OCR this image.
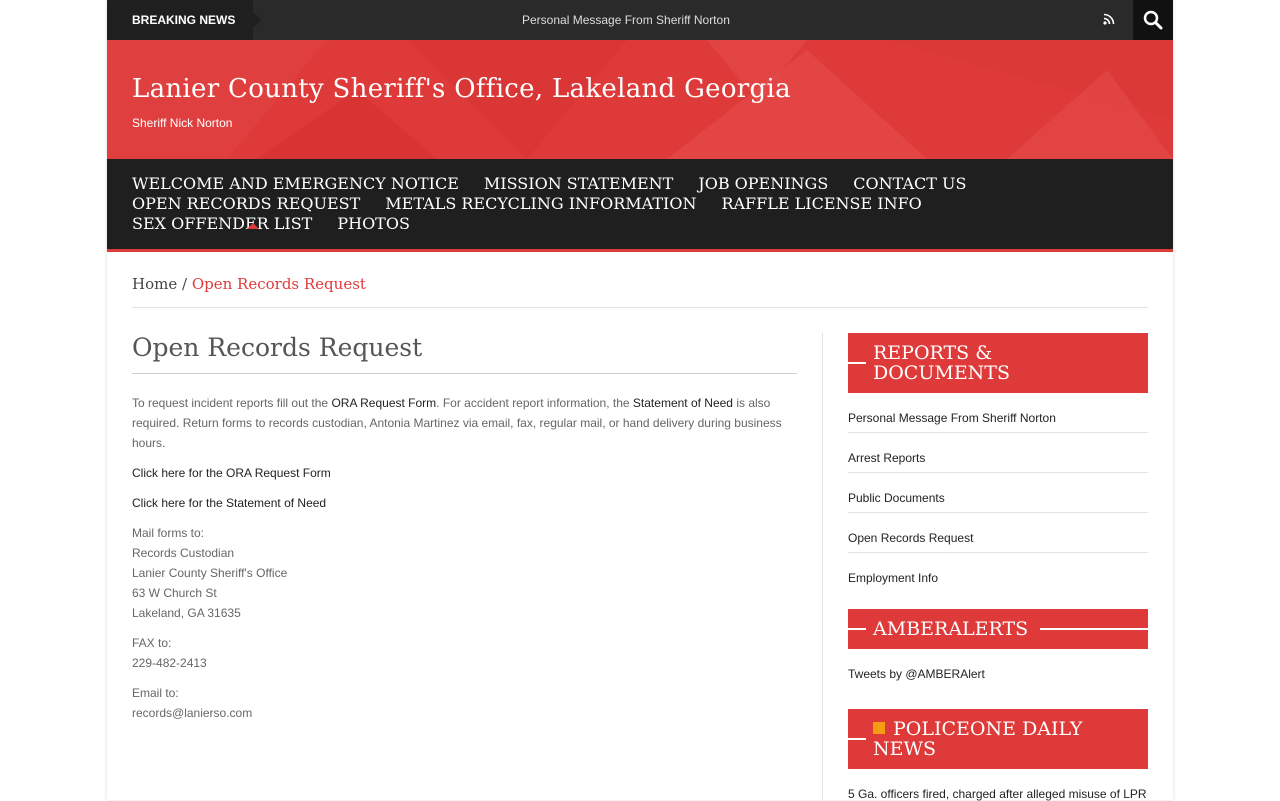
BREAKING NEWS	Personal Message From Sheriff Norton
Lanier County Sheriff's Office, Lakeland Georgia
Sheriff Nick Norton
WELCOME AND EMERGENCY NOTICE MISSION STATEMENT JOB OPENINGS CONTACT US
OPEN RECORDS REQUEST METALS RECYCLING INFORMATION RAFFLE LICENSE INFO
SEX OFFENDER LIST PHOTOS
Home / Open Records Request
Open Records Request

To request incident reports fill out the ORA Request Form. For accident report information, the Statement of Need is also required. Return forms to records custodian, Antonia Martinez via email, fax, regular mail, or hand delivery during business hours.

Click here for the ORA Request Form

Click here for the Statement of Need

Mail forms to:
Records Custodian
Lanier County Sheriff's Office
63 W Church St
Lakeland, GA 31635

FAX to:
229-482-2413

Email to:
records@lanierso.com

REPORTS & DOCUMENTS
Personal Message From Sheriff Norton
Arrest Reports
Public Documents
Open Records Request
Employment Info
AMBERALERTS
Tweets by @AMBERAlert
POLICEONE DAILY NEWS
5 Ga. officers fired, charged after alleged misuse of LPR
